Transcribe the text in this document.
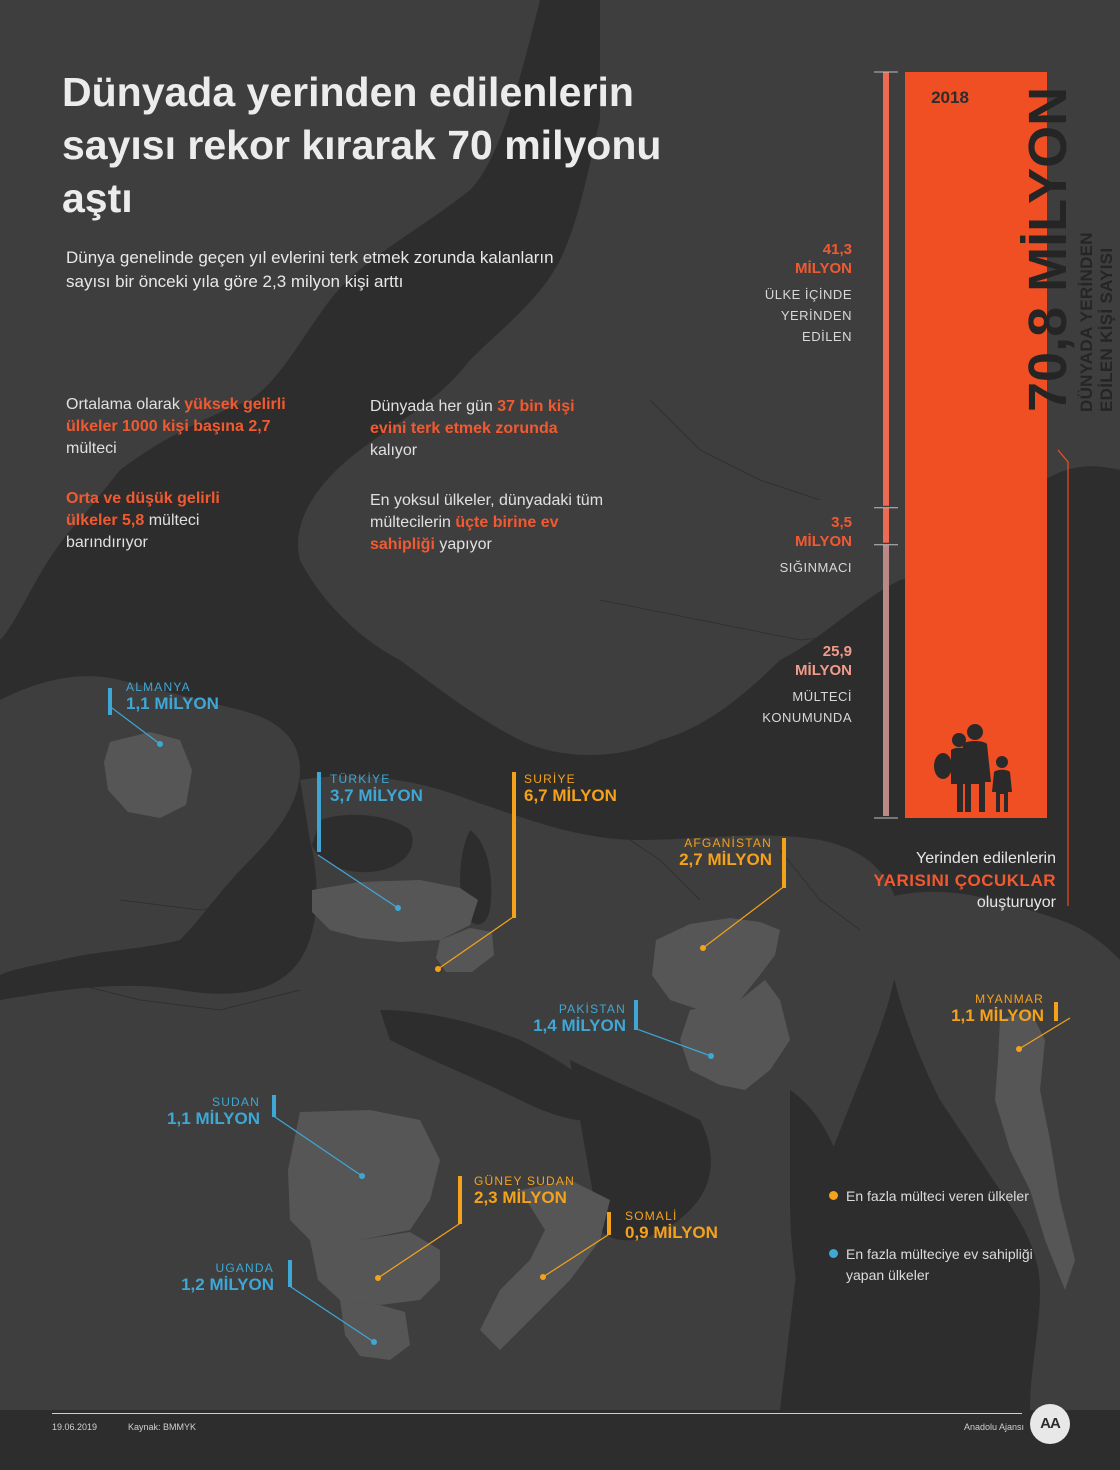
Dünyada yerinden edilenlerin sayısı rekor kırarak 70 milyonu aştı

Dünya genelinde geçen yıl evlerini terk etmek zorunda kalanların sayısı bir önceki yıla göre 2,3 milyon kişi arttı

Ortalama olarak yüksek gelirli ülkeler 1000 kişi başına 2,7 mülteci
Orta ve düşük gelirli ülkeler 5,8 mülteci barındırıyor
Dünyada her gün 37 bin kişi evini terk etmek zorunda kalıyor
En yoksul ülkeler, dünyadaki tüm mültecilerin üçte birine ev sahipliği yapıyor
ALMANYA
1,1 MİLYON
TÜRKİYE
3,7 MİLYON
SURİYE
6,7 MİLYON
AFGANİSTAN
2,7 MİLYON
PAKİSTAN
1,4 MİLYON
MYANMAR
1,1 MİLYON
SUDAN
1,1 MİLYON
GÜNEY SUDAN
2,3 MİLYON
SOMALİ
0,9 MİLYON
UGANDA
1,2 MİLYON
41,3
MİLYON
ÜLKE İÇİNDE
YERİNDEN
EDİLEN
3,5
MİLYON
SIĞINMACI
25,9
MİLYON
MÜLTECİ
KONUMUNDA
2018 70,8 MİLYON DÜNYADA YERİNDEN EDİLEN KİŞİ SAYISI
Yerinden edilenlerin
YARISINI ÇOCUKLAR
oluşturuyor
En fazla mülteci veren ülkeler
En fazla mülteciye ev sahipliği yapan ülkeler
19.06.2019	Kaynak: BMMYK	Anadolu Ajansı	AA
